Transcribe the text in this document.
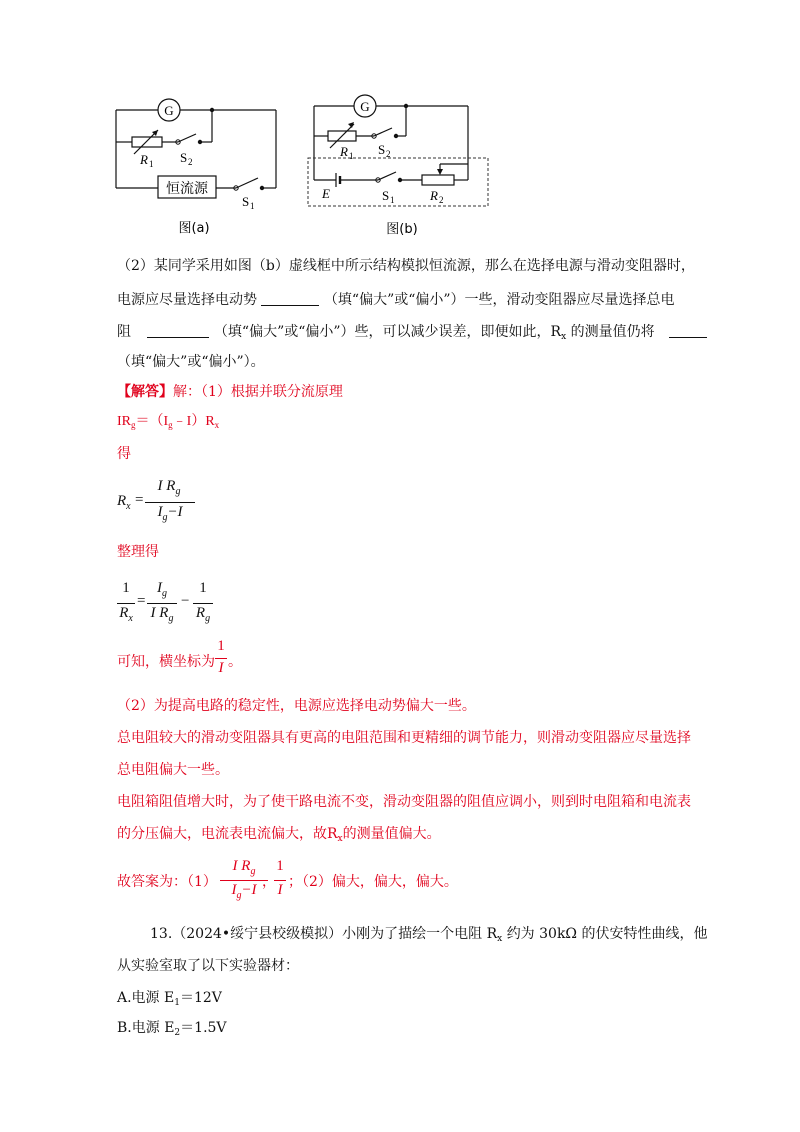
G
R 1 S 2
恒流源
S 1
图(a)
G
R 1 S 2
E	S 1	R 2
图(b)
（2）某同学采用如图（b）虚线框中所示结构模拟恒流源，那么在选择电源与滑动变阻器时，
电源应尽量选择电动势	（填“偏大”或“偏小”）一些，滑动变阻器应尽量选择总电
阻	（填“偏大”或“偏小”）些，可以减少误差，即便如此，$R_x$ 的测量值仍将
（填“偏大”或“偏小”）。
【解答】解：（1）根据并联分流原理
$IR_g=(I_g﹣I)R_x$
得
$R_x$ =
I $R_g$
$I_g-I$
整理得
1
$R_x$
=
$I_g$
I $R_g$
−
1
$R_g$
可知，横坐标为
1
I 。
（2）为提高电路的稳定性，电源应选择电动势偏大一些。
总电阻较大的滑动变阻器具有更高的电阻范围和更精细的调节能力，则滑动变阻器应尽量选择
总电阻偏大一些。
电阻箱阻值增大时，为了使干路电流不变，滑动变阻器的阻值应调小，则到时电阻箱和电流表
的分压偏大，电流表电流偏大，故$R_x$的测量值偏大。
故答案为：（1）
I $R_g$
$I_g-I$ ，
1
I ；（2）偏大，偏大，偏大。
13.（2024•绥宁县校级模拟）小刚为了描绘一个电阻 $R_x$ 约为 30kΩ 的伏安特性曲线，他
从实验室取了以下实验器材：
A.电源 $E_1=12V$
B.电源 $E_2=1.5V$
